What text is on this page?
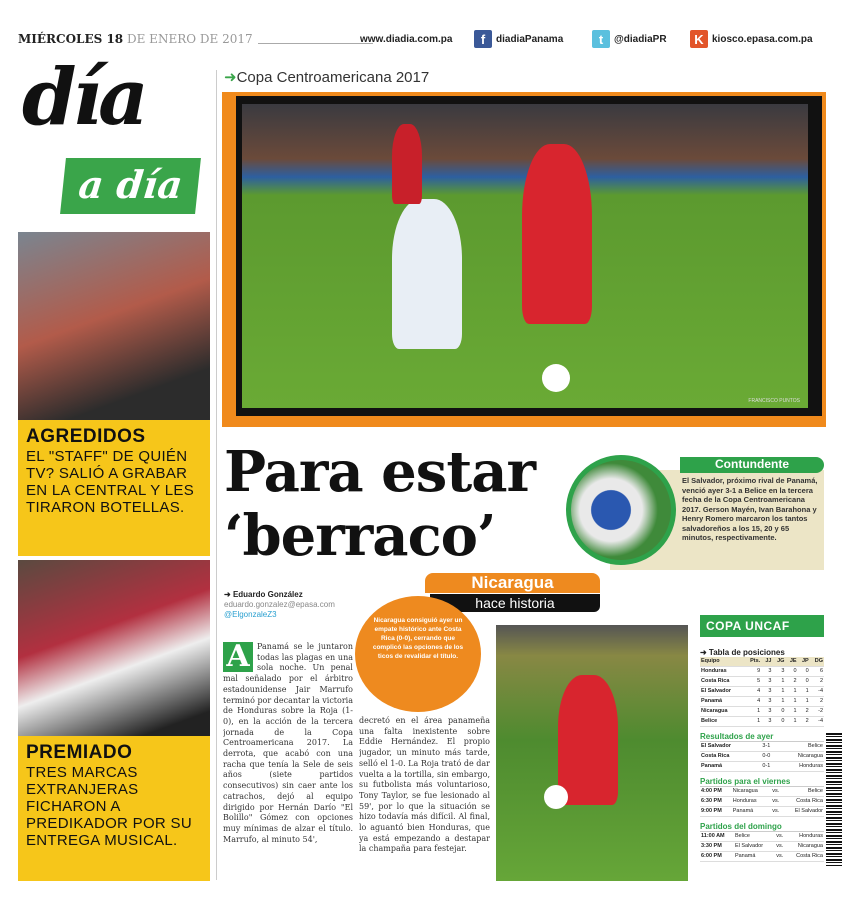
MIÉRCOLES 18 DE ENERO DE 2017	www.diadia.com.pa	f	diadiaPanama	t	@diadiaPR	K kiosco.epasa.com.pa
día
a día
➜Copa Centroamericana 2017
FRANCISCO PUNTOS
AGREDIDOS

EL "STAFF" DE QUIÉN TV? SALIÓ A GRABAR EN LA CENTRAL Y LES TIRARON BOTELLAS.

PREMIADO

TRES MARCAS EXTRANJERAS FICHARON A PREDIKADOR POR SU ENTREGA MUSICAL.

Para estar
‘berraco’
Contundente
El Salvador, próximo rival de Panamá, venció ayer 3-1 a Belice en la tercera fecha de la Copa Centroamericana 2017. Gerson Mayén, Ivan Barahona y Henry Romero marcaron los tantos salvadoreños a los 15, 20 y 65 minutos, respectivamente.
➜ Eduardo González
eduardo.gonzalez@epasa.com
@ElgonzaleZ3
Nicaragua
hace historia
Nicaragua consiguió ayer un empate histórico ante Costa Rica (0-0), cerrando que complicó las opciones de los ticos de revalidar el título.
A Panamá se le juntaron todas las plagas en una sola noche. Un penal mal señalado por el árbitro estadounidense Jair Marrufo terminó por decantar la victoria de Honduras sobre la Roja (1-0), en la acción de la tercera jornada de la Copa Centroamericana 2017. La derrota, que acabó con una racha que tenía la Sele de seis años (siete partidos consecutivos) sin caer ante los catrachos, dejó al equipo dirigido por Hernán Darío "El Bolillo" Gómez con opciones muy mínimas de alzar el título. Marrufo, al minuto 54',
decretó en el área panameña una falta inexistente sobre Eddie Hernández. El propio jugador, un minuto más tarde, selló el 1-0. La Roja trató de dar vuelta a la tortilla, sin embargo, su futbolista más voluntarioso, Tony Taylor, se fue lesionado al 59', por lo que la situación se hizo todavía más difícil. Al final, lo aguantó bien Honduras, que ya está empezando a destapar la champaña para festejar.
COPA UNCAF
➜ Tabla de posiciones
Equipo	Pts.	JJ	JG	JE	JP	DG
Honduras	9	3	3	0	0	6
Costa Rica	5	3	1	2	0	2
El Salvador	4	3	1	1	1	-4
Panamá	4	3	1	1	1	2
Nicaragua	1	3	0	1	2	-2
Belice	1	3	0	1	2	-4
Resultados de ayer
El Salvador	3-1	Belice
Costa Rica	0-0	Nicaragua
Panamá	0-1	Honduras
Partidos para el viernes
4:00 PM	Nicaragua	vs.	Belice
6:30 PM	Honduras	vs.	Costa Rica
9:00 PM	Panamá	vs.	El Salvador
Partidos del domingo
11:00 AM	Belice	vs.	Honduras
3:30 PM	El Salvador	vs.	Nicaragua
6:00 PM	Panamá	vs.	Costa Rica
